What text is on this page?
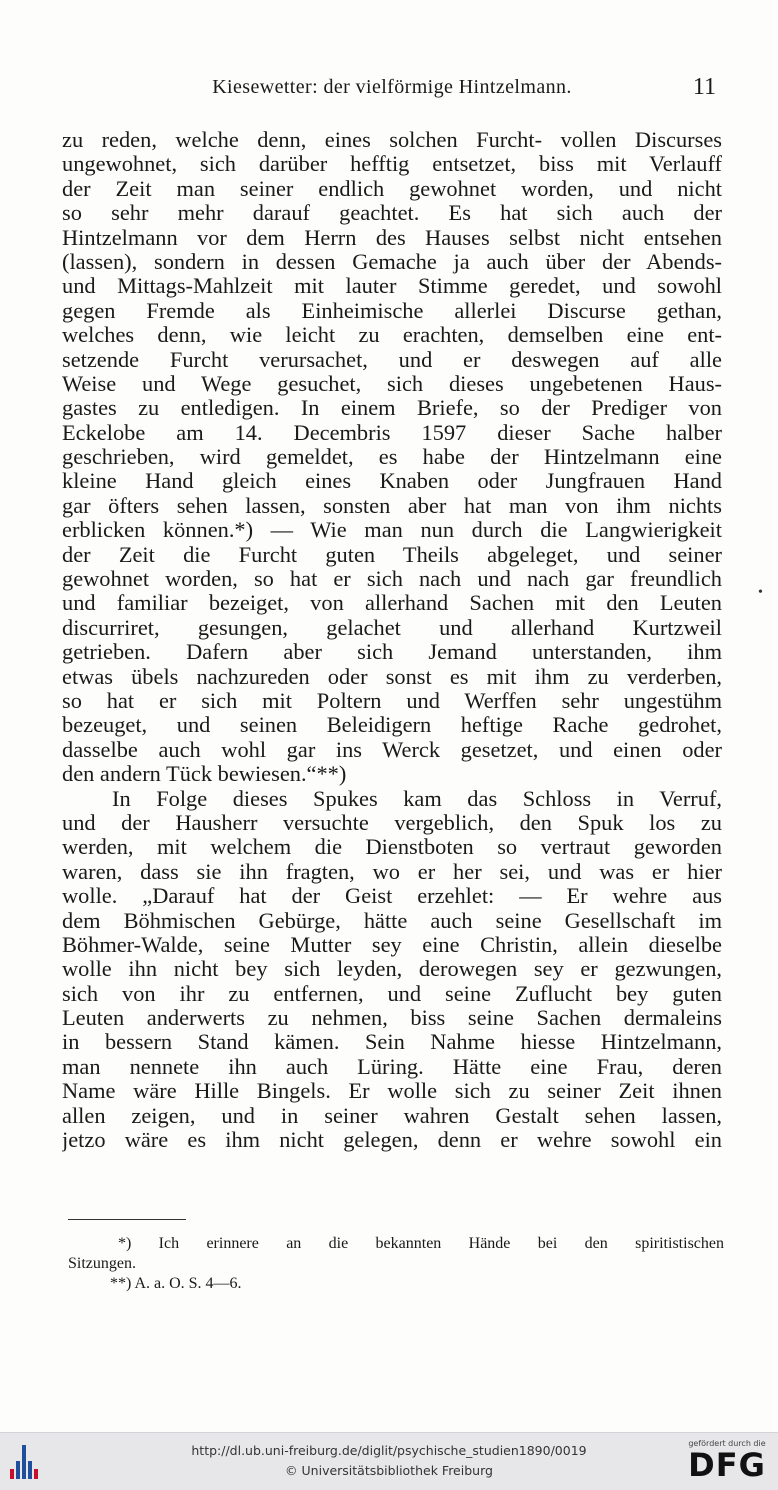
Kiesewetter: der vielförmige Hintzelmann.	11
zu reden, welche denn, eines solchen Furcht- vollen Discurses
ungewohnet, sich darüber hefftig entsetzet, biss mit Verlauff
der Zeit man seiner endlich gewohnet worden, und nicht
so sehr mehr darauf geachtet. Es hat sich auch der
Hintzelmann vor dem Herrn des Hauses selbst nicht entsehen
(lassen), sondern in dessen Gemache ja auch über der Abends-
und Mittags-Mahlzeit mit lauter Stimme geredet, und sowohl
gegen Fremde als Einheimische allerlei Discurse gethan,
welches denn, wie leicht zu erachten, demselben eine ent-
setzende Furcht verursachet, und er deswegen auf alle
Weise und Wege gesuchet, sich dieses ungebetenen Haus-
gastes zu entledigen. In einem Briefe, so der Prediger von
Eckelobe am 14. Decembris 1597 dieser Sache halber
geschrieben, wird gemeldet, es habe der Hintzelmann eine
kleine Hand gleich eines Knaben oder Jungfrauen Hand
gar öfters sehen lassen, sonsten aber hat man von ihm nichts
erblicken können.*) — Wie man nun durch die Langwierigkeit
der Zeit die Furcht guten Theils abgeleget, und seiner
gewohnet worden, so hat er sich nach und nach gar freundlich
und familiar bezeiget, von allerhand Sachen mit den Leuten
discurriret, gesungen, gelachet und allerhand Kurtzweil
getrieben. Dafern aber sich Jemand unterstanden, ihm
etwas übels nachzureden oder sonst es mit ihm zu verderben,
so hat er sich mit Poltern und Werffen sehr ungestühm
bezeuget, und seinen Beleidigern heftige Rache gedrohet,
dasselbe auch wohl gar ins Werck gesetzet, und einen oder
den andern Tück bewiesen.“**)
In Folge dieses Spukes kam das Schloss in Verruf,
und der Hausherr versuchte vergeblich, den Spuk los zu
werden, mit welchem die Dienstboten so vertraut geworden
waren, dass sie ihn fragten, wo er her sei, und was er hier
wolle. „Darauf hat der Geist erzehlet: — Er wehre aus
dem Böhmischen Gebürge, hätte auch seine Gesellschaft im
Böhmer-Walde, seine Mutter sey eine Christin, allein dieselbe
wolle ihn nicht bey sich leyden, derowegen sey er gezwungen,
sich von ihr zu entfernen, und seine Zuflucht bey guten
Leuten anderwerts zu nehmen, biss seine Sachen dermaleins
in bessern Stand kämen. Sein Nahme hiesse Hintzelmann,
man nennete ihn auch Lüring. Hätte eine Frau, deren
Name wäre Hille Bingels. Er wolle sich zu seiner Zeit ihnen
allen zeigen, und in seiner wahren Gestalt sehen lassen,
jetzo wäre es ihm nicht gelegen, denn er wehre sowohl ein
•
*) Ich erinnere an die bekannten Hände bei den spiritistischen
Sitzungen.
**) A. a. O. S. 4—6.
http://dl.ub.uni-freiburg.de/diglit/psychische_studien1890/0019
© Universitätsbibliothek Freiburg
gefördert durch die
DFG
